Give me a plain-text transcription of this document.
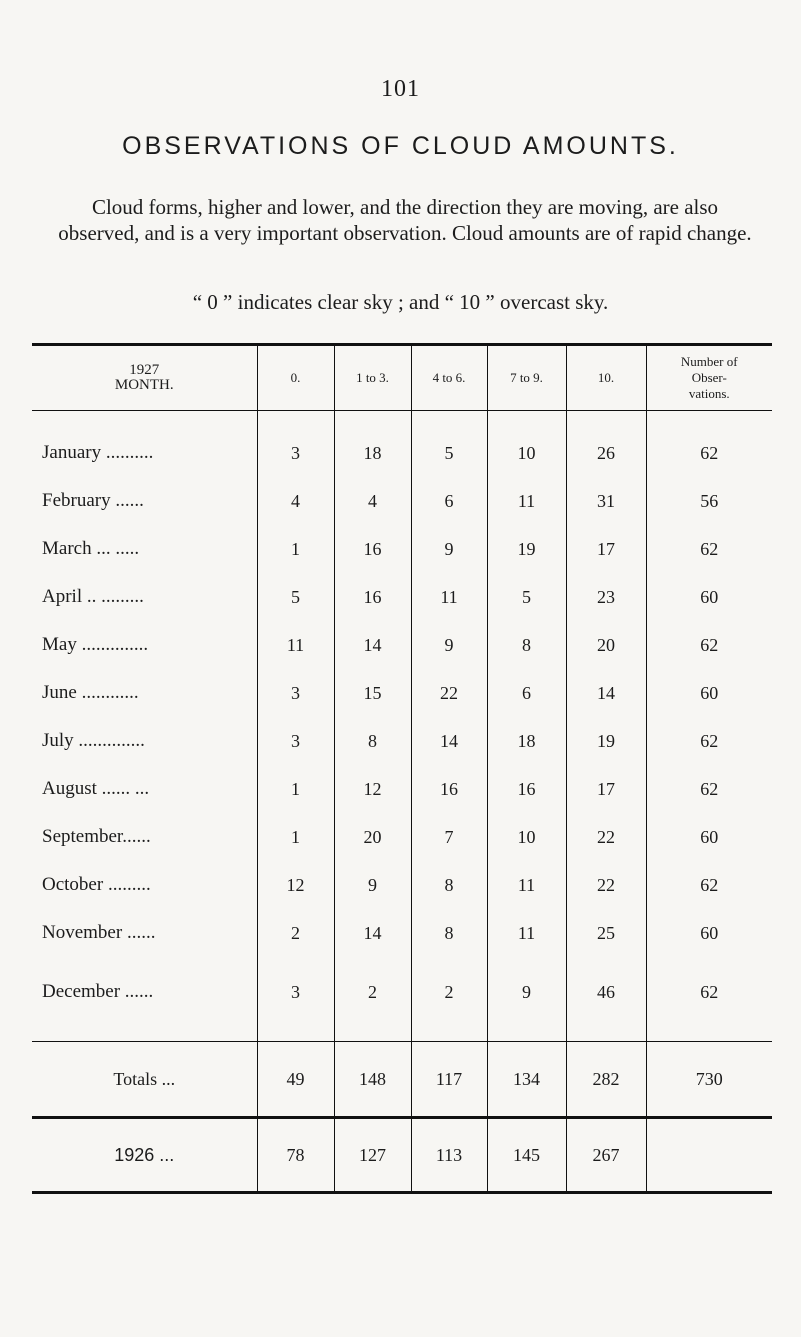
101
OBSERVATIONS OF CLOUD AMOUNTS.

Cloud forms, higher and lower, and the direction they are moving, are also observed, and is a very important observation. Cloud amounts are of rapid change.

“ 0 ” indicates clear sky ; and “ 10 ” overcast sky.

1927
MONTH.	0.	1 to 3.	4 to 6.	7 to 9.	10.	Number of
Obser-
vations.
January ..........	3	18	5	10	26	62
February ......	4	4	6	11	31	56
March ... .....	1	16	9	19	17	62
April .. .........	5	16	11	5	23	60
May ..............	11	14	9	8	20	62
June ............	3	15	22	6	14	60
July ..............	3	8	14	18	19	62
August ...... ...	1	12	16	16	17	62
September......	1	20	7	10	22	60
October .........	12	9	8	11	22	62
November ......	2	14	8	11	25	60
December ......	3	2	2	9	46	62
Totals ...	49	148	117	134	282	730
1926 ...	78	127	113	145	267	
